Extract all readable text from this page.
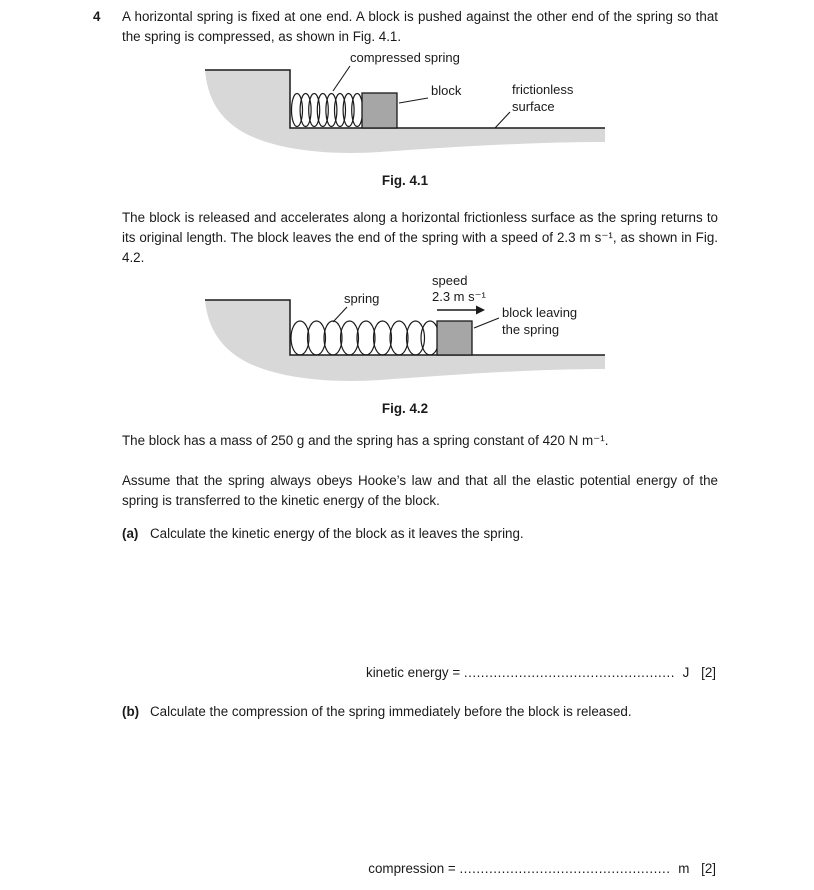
4 A horizontal spring is fixed at one end. A block is pushed against the other end of the spring so that the spring is compressed, as shown in Fig. 4.1.
compressed spring
block	frictionless
surface
Fig. 4.1
The block is released and accelerates along a horizontal frictionless surface as the spring returns to its original length. The block leaves the end of the spring with a speed of 2.3 m s⁻¹, as shown in Fig. 4.2.
spring
speed
2.3 m s⁻¹
block leaving
the spring
Fig. 4.2
The block has a mass of 250 g and the spring has a spring constant of 420 N m⁻¹.
Assume that the spring always obeys Hooke’s law and that all the elastic potential energy of the spring is transferred to the kinetic energy of the block.
(a) Calculate the kinetic energy of the block as it leaves the spring.
kinetic energy = .................................................. J [2]
(b) Calculate the compression of the spring immediately before the block is released.
compression = .................................................. m [2]
